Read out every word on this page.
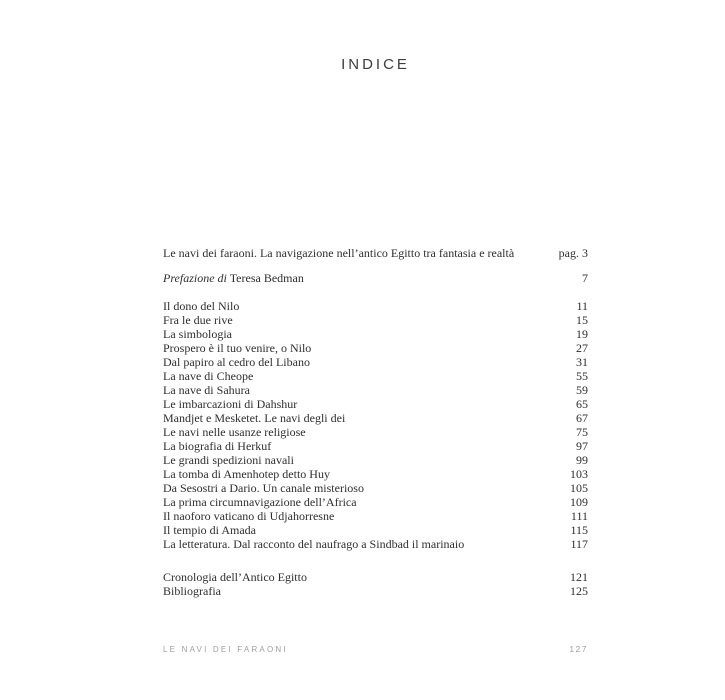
INDICE
Le navi dei faraoni. La navigazione nell’antico Egitto tra fantasia e realtà	pag. 3
Prefazione di Teresa Bedman	7
Il dono del Nilo	11
Fra le due rive	15
La simbologia	19
Prospero è il tuo venire, o Nilo	27
Dal papiro al cedro del Libano	31
La nave di Cheope	55
La nave di Sahura	59
Le imbarcazioni di Dahshur	65
Mandjet e Mesketet. Le navi degli dei	67
Le navi nelle usanze religiose	75
La biografia di Herkuf	97
Le grandi spedizioni navali	99
La tomba di Amenhotep detto Huy	103
Da Sesostri a Dario. Un canale misterioso	105
La prima circumnavigazione dell’Africa	109
Il naoforo vaticano di Udjahorresne	111
Il tempio di Amada	115
La letteratura. Dal racconto del naufrago a Sindbad il marinaio	117
Cronologia dell’Antico Egitto	121
Bibliografia	125
LE NAVI DEI FARAONI	127
